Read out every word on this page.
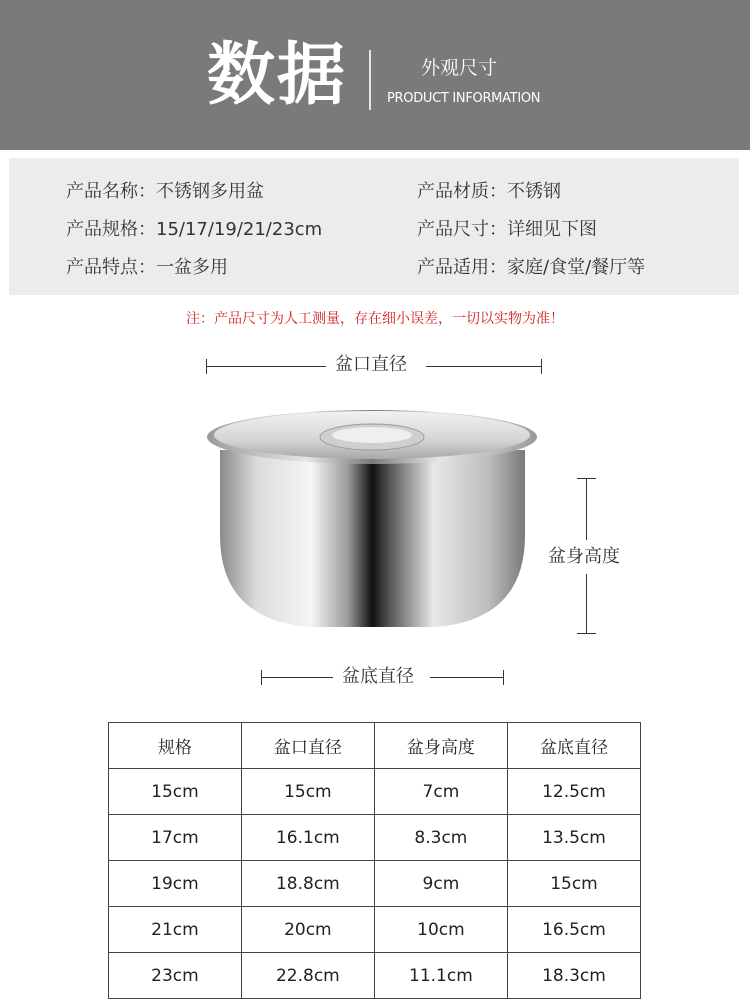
数据	外观尺寸
PRODUCT INFORMATION
产品名称：不锈钢多用盆	产品材质：不锈钢
产品规格：15/17/19/21/23cm	产品尺寸：详细见下图
产品特点：一盆多用	产品适用：家庭/食堂/餐厅等
注：产品尺寸为人工测量，存在细小误差，一切以实物为准！
盆口直径
盆身高度
盆底直径
规格	盆口直径	盆身高度	盆底直径
15cm	15cm	7cm	12.5cm
17cm	16.1cm	8.3cm	13.5cm
19cm	18.8cm	9cm	15cm
21cm	20cm	10cm	16.5cm
23cm	22.8cm	11.1cm	18.3cm
